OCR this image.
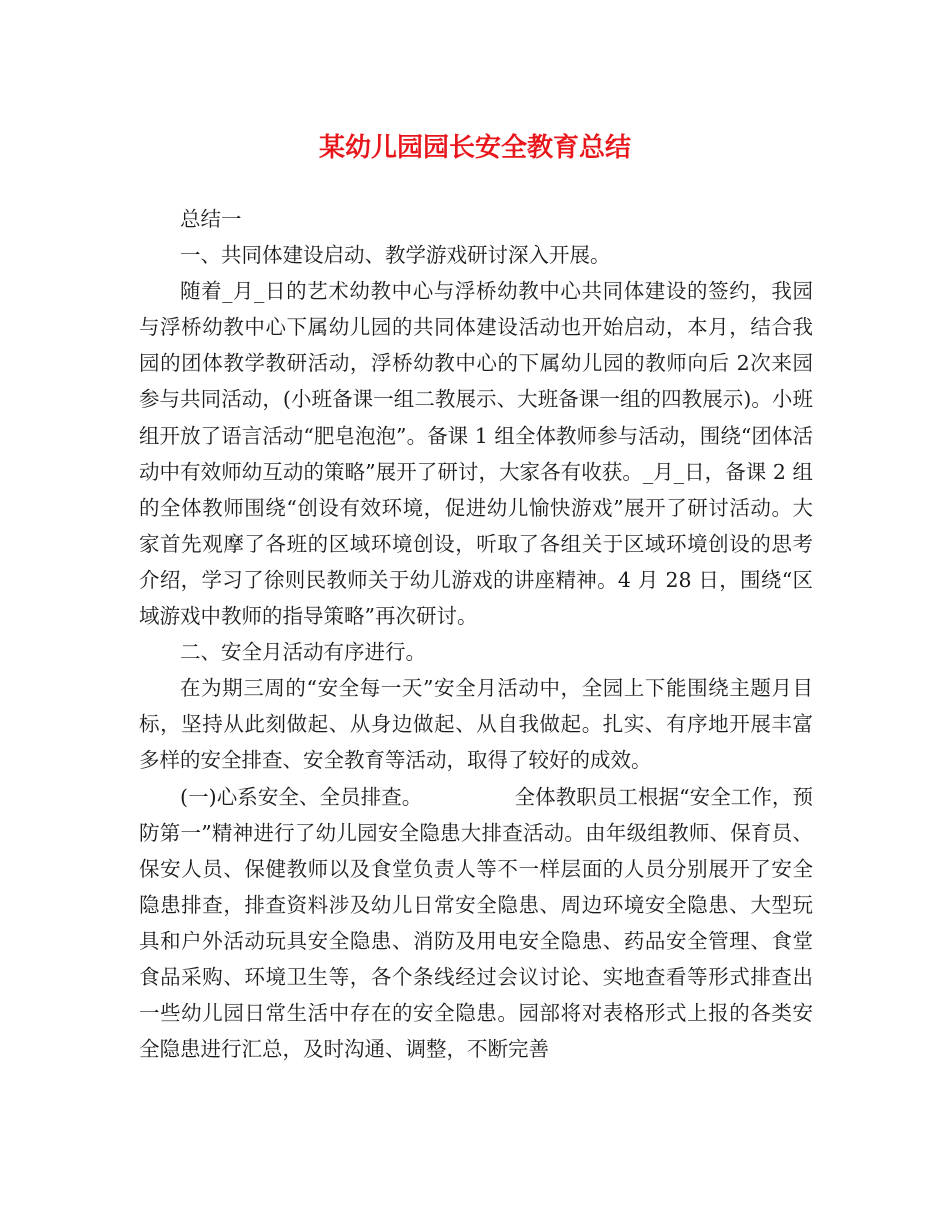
某幼儿园园长安全教育总结

总结一

一、共同体建设启动、教学游戏研讨深入开展。

随着_月_日的艺术幼教中心与浮桥幼教中心共同体建设的签约，我园与浮桥幼教中心下属幼儿园的共同体建设活动也开始启动，本月，结合我园的团体教学教研活动，浮桥幼教中心的下属幼儿园的教师向后 2次来园参与共同活动，(小班备课一组二教展示、大班备课一组的四教展示)。小班组开放了语言活动“肥皂泡泡”。备课 1 组全体教师参与活动，围绕“团体活动中有效师幼互动的策略”展开了研讨，大家各有收获。_月_日，备课 2 组的全体教师围绕“创设有效环境，促进幼儿愉快游戏”展开了研讨活动。大家首先观摩了各班的区域环境创设，听取了各组关于区域环境创设的思考介绍，学习了徐则民教师关于幼儿游戏的讲座精神。4 月 28 日，围绕“区域游戏中教师的指导策略”再次研讨。

二、安全月活动有序进行。

在为期三周的“安全每一天”安全月活动中，全园上下能围绕主题月目标，坚持从此刻做起、从身边做起、从自我做起。扎实、有序地开展丰富多样的安全排查、安全教育等活动，取得了较好的成效。

(一)心系安全、全员排查。              全体教职员工根据“安全工作，预防第一”精神进行了幼儿园安全隐患大排查活动。由年级组教师、保育员、保安人员、保健教师以及食堂负责人等不一样层面的人员分别展开了安全隐患排查，排查资料涉及幼儿日常安全隐患、周边环境安全隐患、大型玩具和户外活动玩具安全隐患、消防及用电安全隐患、药品安全管理、食堂食品采购、环境卫生等，各个条线经过会议讨论、实地查看等形式排查出一些幼儿园日常生活中存在的安全隐患。园部将对表格形式上报的各类安全隐患进行汇总，及时沟通、调整，不断完善
